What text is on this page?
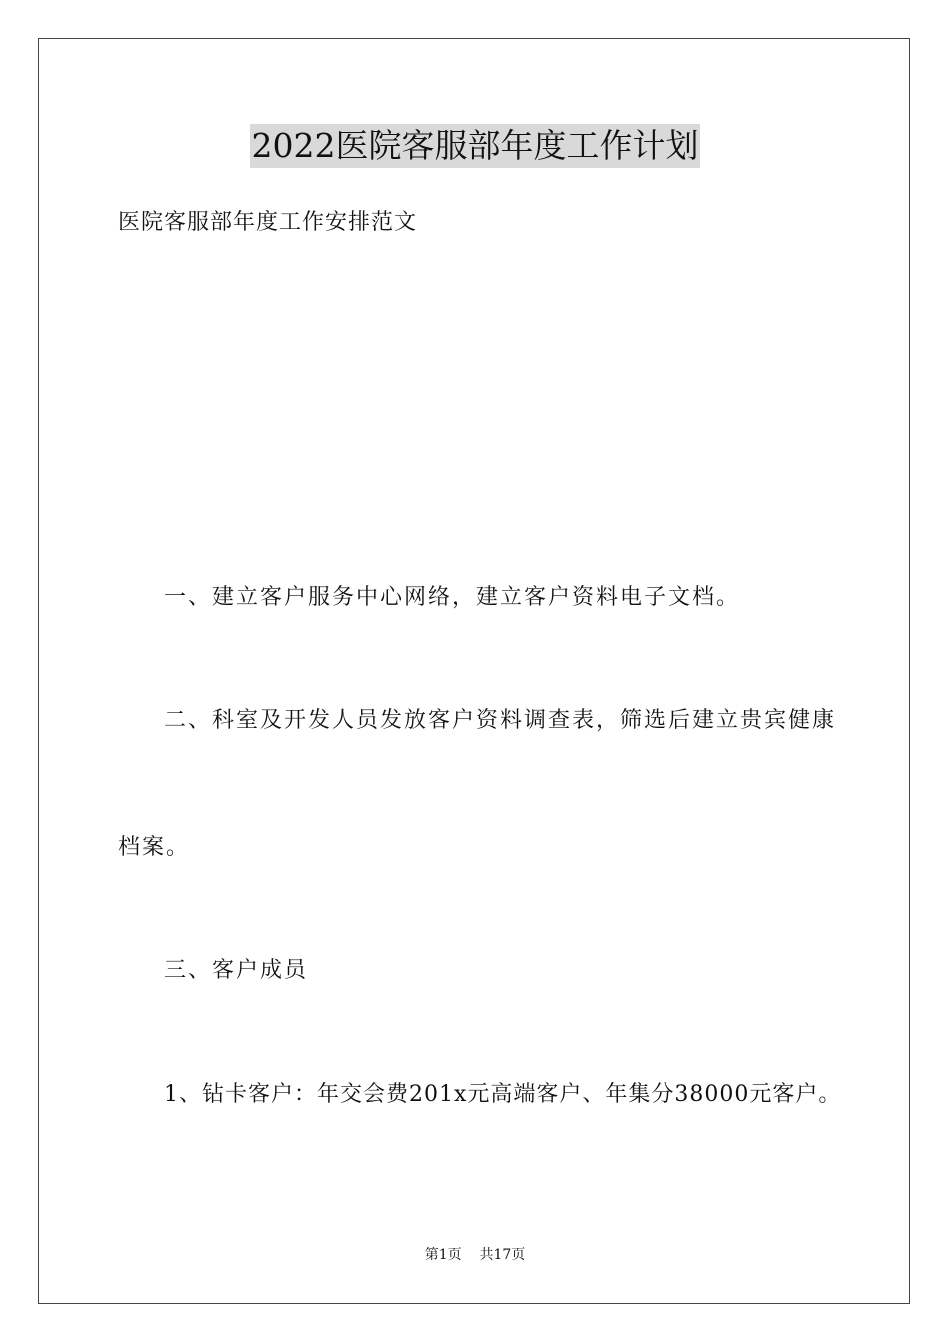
2022医院客服部年度工作计划
医院客服部年度工作安排范文
一、建立客户服务中心网络，建立客户资料电子文档。
二、科室及开发人员发放客户资料调查表，筛选后建立贵宾健康
档案。
三、客户成员
1、钻卡客户：年交会费201x元高端客户、年集分38000元客户。
第1页 共17页
